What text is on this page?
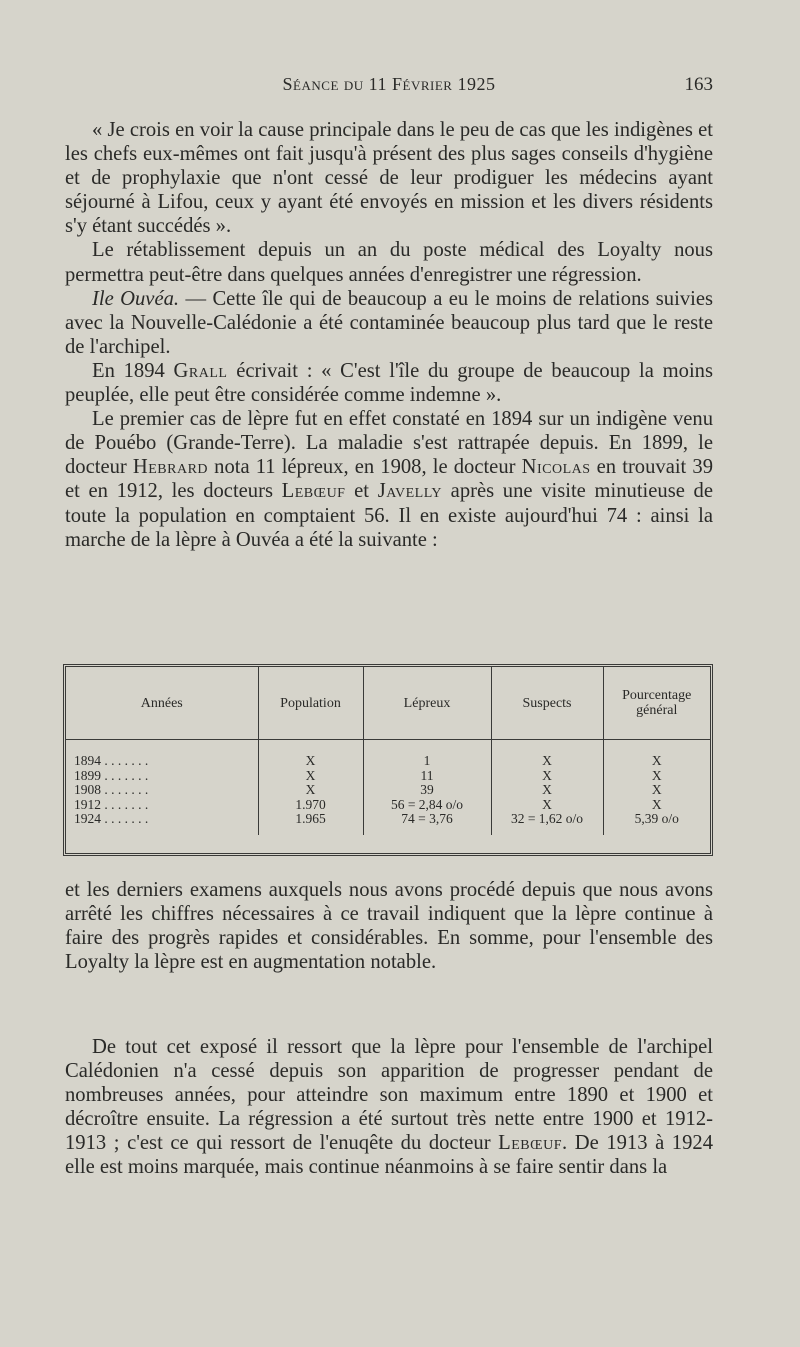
Séance du 11 Février 1925	163

« Je crois en voir la cause principale dans le peu de cas que les indigènes et les chefs eux-mêmes ont fait jusqu'à présent des plus sages conseils d'hygiène et de prophylaxie que n'ont cessé de leur prodiguer les médecins ayant séjourné à Lifou, ceux y ayant été envoyés en mission et les divers résidents s'y étant succédés ».

Le rétablissement depuis un an du poste médical des Loyalty nous permettra peut-être dans quelques années d'enregistrer une régression.

Ile Ouvéa. — Cette île qui de beaucoup a eu le moins de relations suivies avec la Nouvelle-Calédonie a été contaminée beaucoup plus tard que le reste de l'archipel.

En 1894 Grall écrivait : « C'est l'île du groupe de beaucoup la moins peuplée, elle peut être considérée comme indemne ».

Le premier cas de lèpre fut en effet constaté en 1894 sur un indigène venu de Pouébo (Grande-Terre). La maladie s'est rattrapée depuis. En 1899, le docteur Hebrard nota 11 lépreux, en 1908, le docteur Nicolas en trouvait 39 et en 1912, les docteurs Lebœuf et Javelly après une visite minutieuse de toute la population en comptaient 56. Il en existe aujourd'hui 74 : ainsi la marche de la lèpre à Ouvéa a été la suivante :

Années	Population	Lépreux	Suspects	Pourcentage général
1894 . . . . . . .	X	1	X	X
1899 . . . . . . .	X	11	X	X
1908 . . . . . . .	X	39	X	X
1912 . . . . . . .	1.970	56 = 2,84 o/o	X	X
1924 . . . . . . .	1.965	74 = 3,76	32 = 1,62 o/o	5,39 o/o

et les derniers examens auxquels nous avons procédé depuis que nous avons arrêté les chiffres nécessaires à ce travail indiquent que la lèpre continue à faire des progrès rapides et considérables. En somme, pour l'ensemble des Loyalty la lèpre est en augmentation notable.

De tout cet exposé il ressort que la lèpre pour l'ensemble de l'archipel Calédonien n'a cessé depuis son apparition de progresser pendant de nombreuses années, pour atteindre son maximum entre 1890 et 1900 et décroître ensuite. La régression a été surtout très nette entre 1900 et 1912-1913 ; c'est ce qui ressort de l'enuqête du docteur Lebœuf. De 1913 à 1924 elle est moins marquée, mais continue néanmoins à se faire sentir dans la
